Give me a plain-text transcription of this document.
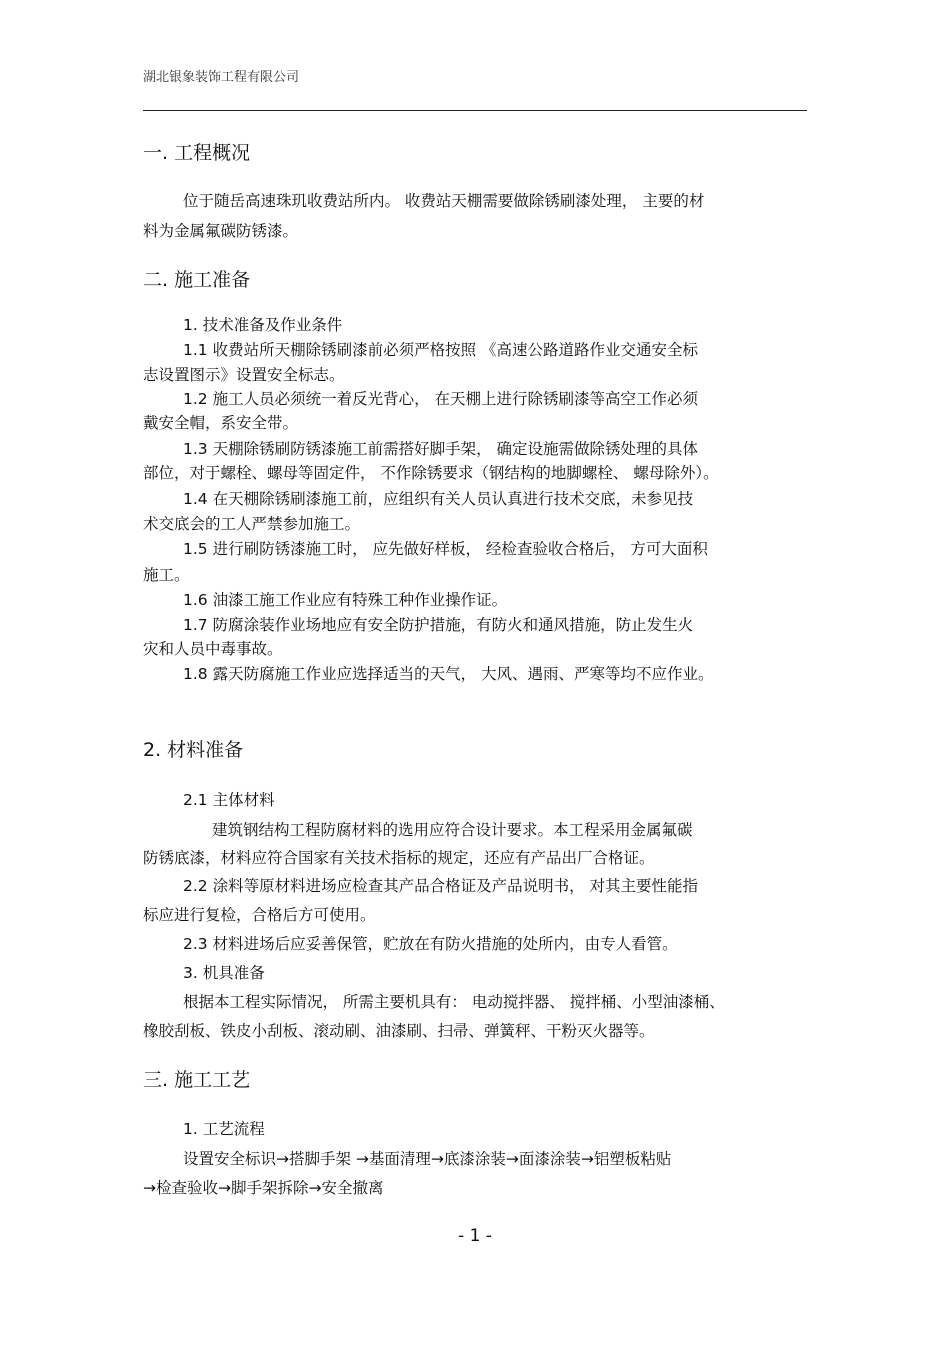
湖北银象装饰工程有限公司
一. 工程概况
位于随岳高速珠玑收费站所内。 收费站天棚需要做除锈刷漆处理， 主要的材
料为金属氟碳防锈漆。
二. 施工准备
1. 技术准备及作业条件
1.1 收费站所天棚除锈刷漆前必须严格按照 《高速公路道路作业交通安全标
志设置图示》设置安全标志。
1.2 施工人员必须统一着反光背心， 在天棚上进行除锈刷漆等高空工作必须
戴安全帽，系安全带。
1.3 天棚除锈刷防锈漆施工前需搭好脚手架， 确定设施需做除锈处理的具体
部位，对于螺栓、螺母等固定件， 不作除锈要求（钢结构的地脚螺栓、 螺母除外）。
1.4 在天棚除锈刷漆施工前，应组织有关人员认真进行技术交底，未参见技
术交底会的工人严禁参加施工。
1.5 进行刷防锈漆施工时， 应先做好样板， 经检查验收合格后， 方可大面积
施工。
1.6 油漆工施工作业应有特殊工种作业操作证。
1.7 防腐涂装作业场地应有安全防护措施，有防火和通风措施，防止发生火
灾和人员中毒事故。
1.8 露天防腐施工作业应选择适当的天气， 大风、遇雨、严寒等均不应作业。
2. 材料准备
2.1 主体材料
建筑钢结构工程防腐材料的选用应符合设计要求。本工程采用金属氟碳
防锈底漆，材料应符合国家有关技术指标的规定，还应有产品出厂合格证。
2.2 涂料等原材料进场应检查其产品合格证及产品说明书， 对其主要性能指
标应进行复检，合格后方可使用。
2.3 材料进场后应妥善保管，贮放在有防火措施的处所内，由专人看管。
3. 机具准备
根据本工程实际情况， 所需主要机具有： 电动搅拌器、 搅拌桶、小型油漆桶、
橡胶刮板、铁皮小刮板、滚动刷、油漆刷、扫帚、弹簧秤、干粉灭火器等。
三. 施工工艺
1. 工艺流程
设置安全标识→搭脚手架 →基面清理→底漆涂装→面漆涂装→铝塑板粘贴
→检查验收→脚手架拆除→安全撤离
- 1 -
